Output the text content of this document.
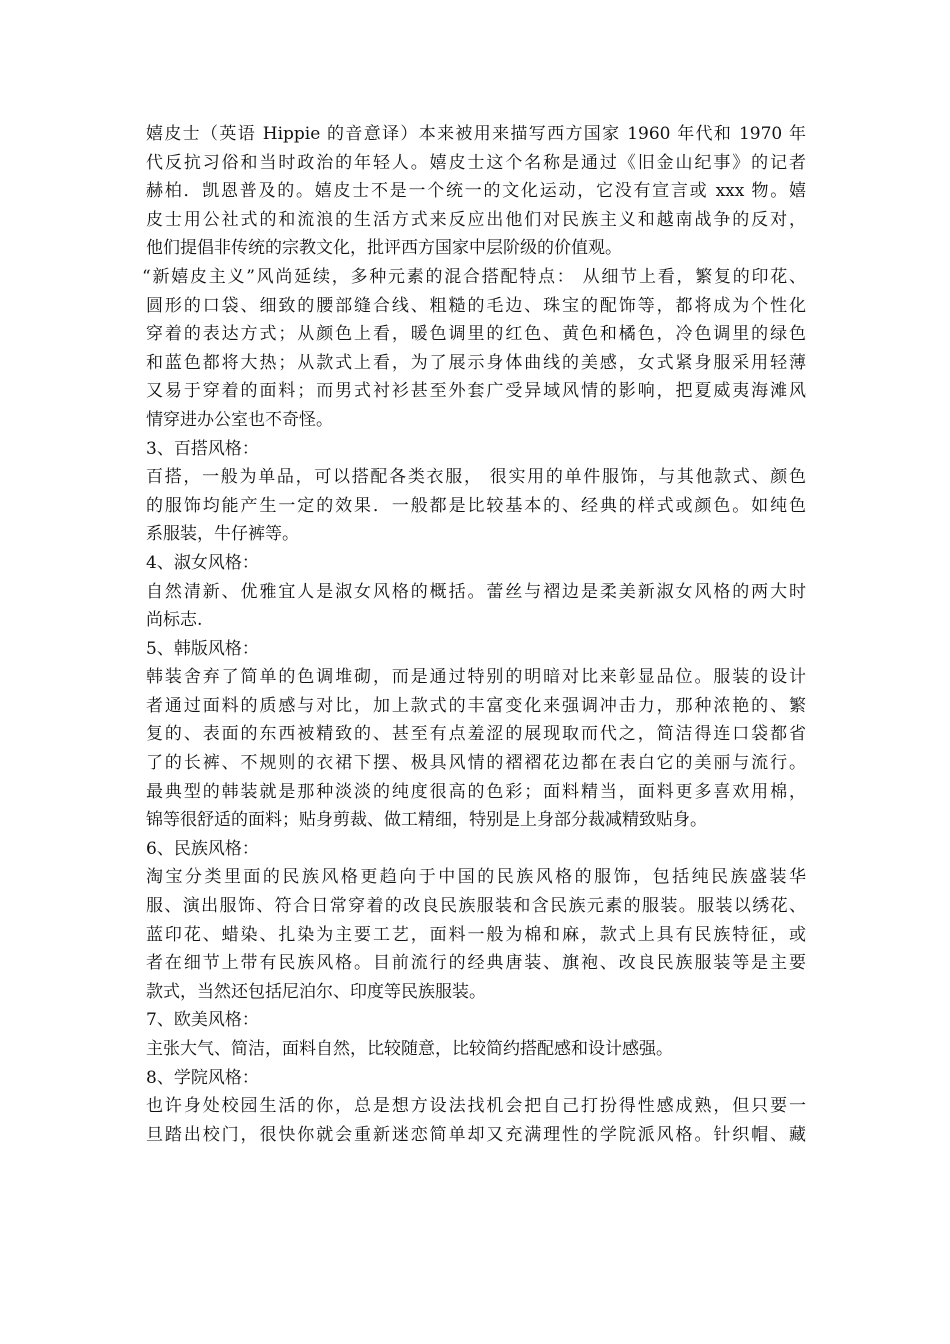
嬉皮士（英语 Hippie 的音意译）本来被用来描写西方国家 1960 年代和 1970 年
代反抗习俗和当时政治的年轻人。嬉皮士这个名称是通过《旧金山纪事》的记者
赫柏．凯恩普及的。嬉皮士不是一个统一的文化运动，它没有宣言或 xxx 物。嬉
皮士用公社式的和流浪的生活方式来反应出他们对民族主义和越南战争的反对，
他们提倡非传统的宗教文化，批评西方国家中层阶级的价值观。
“新嬉皮主义”风尚延续，多种元素的混合搭配特点： 从细节上看，繁复的印花、
圆形的口袋、细致的腰部缝合线、粗糙的毛边、珠宝的配饰等，都将成为个性化
穿着的表达方式；从颜色上看，暖色调里的红色、黄色和橘色，冷色调里的绿色
和蓝色都将大热；从款式上看，为了展示身体曲线的美感，女式紧身服采用轻薄
又易于穿着的面料；而男式衬衫甚至外套广受异域风情的影响，把夏威夷海滩风
情穿进办公室也不奇怪。
3、百搭风格：
百搭，一般为单品，可以搭配各类衣服， 很实用的单件服饰，与其他款式、颜色
的服饰均能产生一定的效果．一般都是比较基本的、经典的样式或颜色。如纯色
系服装，牛仔裤等。
4、淑女风格：
自然清新、优雅宜人是淑女风格的概括。蕾丝与褶边是柔美新淑女风格的两大时
尚标志.
5、韩版风格：
韩装舍弃了简单的色调堆砌，而是通过特别的明暗对比来彰显品位。服装的设计
者通过面料的质感与对比，加上款式的丰富变化来强调冲击力，那种浓艳的、繁
复的、表面的东西被精致的、甚至有点羞涩的展现取而代之，简洁得连口袋都省
了的长裤、不规则的衣裙下摆、极具风情的褶褶花边都在表白它的美丽与流行。
最典型的韩装就是那种淡淡的纯度很高的色彩；面料精当，面料更多喜欢用棉，
锦等很舒适的面料；贴身剪裁、做工精细，特别是上身部分裁减精致贴身。
6、民族风格：
淘宝分类里面的民族风格更趋向于中国的民族风格的服饰，包括纯民族盛装华
服、演出服饰、符合日常穿着的改良民族服装和含民族元素的服装。服装以绣花、
蓝印花、蜡染、扎染为主要工艺，面料一般为棉和麻，款式上具有民族特征，或
者在细节上带有民族风格。目前流行的经典唐装、旗袍、改良民族服装等是主要
款式，当然还包括尼泊尔、印度等民族服装。
7、欧美风格：
主张大气、简洁，面料自然，比较随意，比较简约搭配感和设计感强。
8、学院风格：
也许身处校园生活的你，总是想方设法找机会把自己打扮得性感成熟，但只要一
旦踏出校门，很快你就会重新迷恋简单却又充满理性的学院派风格。针织帽、藏
